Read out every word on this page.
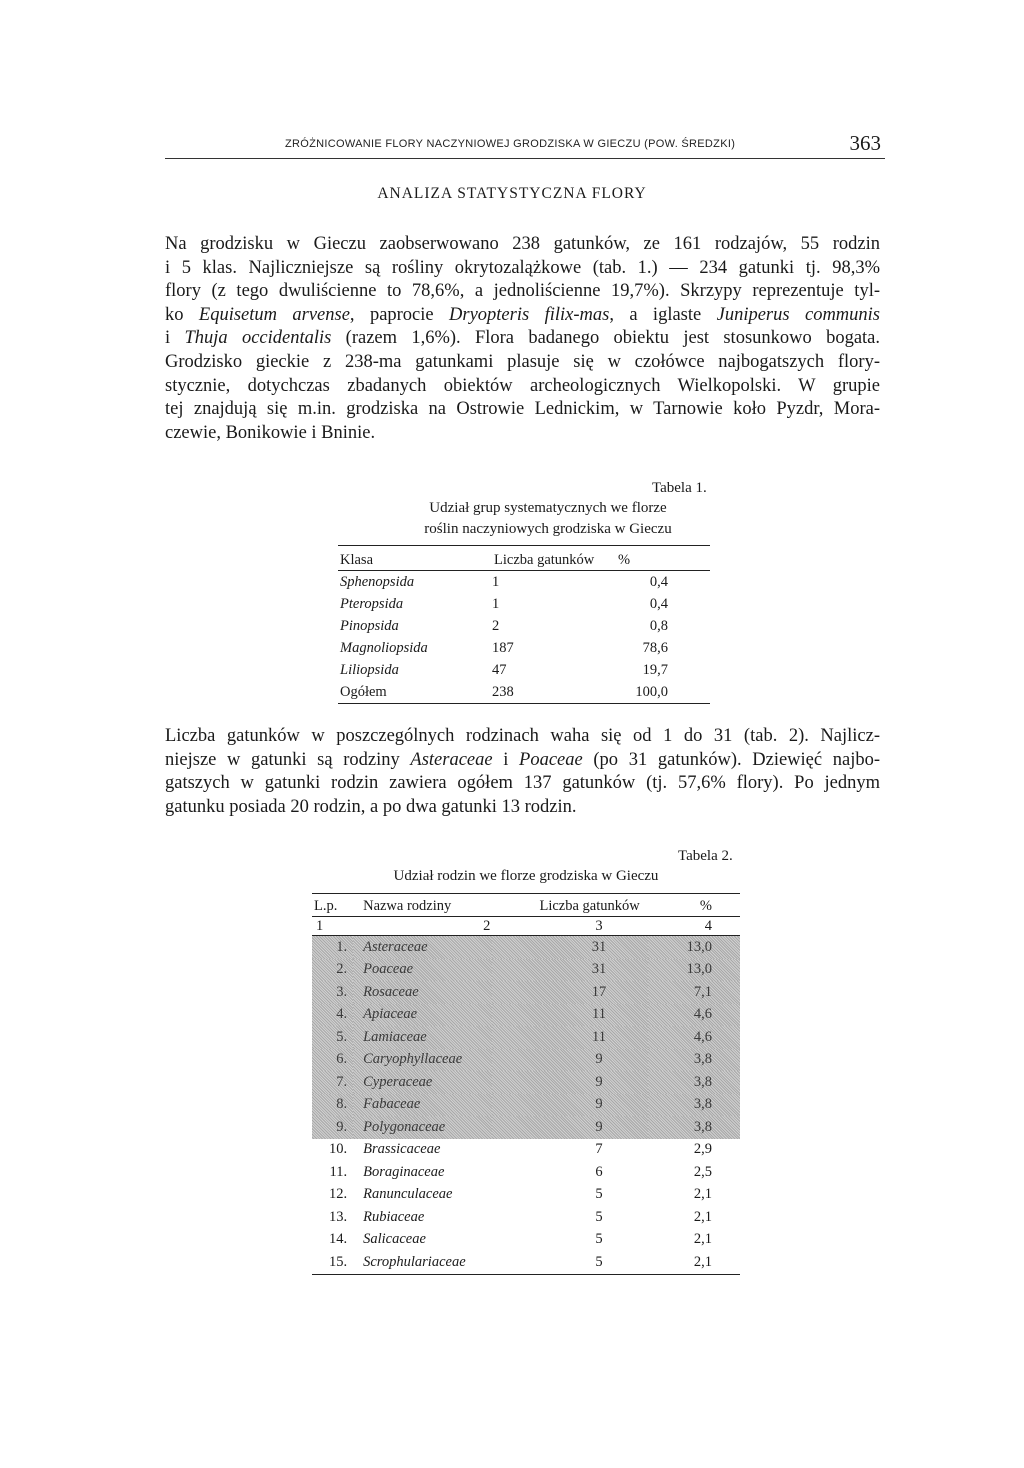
ZRÓŻNICOWANIE FLORY NACZYNIOWEJ GRODZISKA W GIECZU (POW. ŚREDZKI)	363
ANALIZA STATYSTYCZNA FLORY
Na grodzisku w Gieczu zaobserwowano 238 gatunków, ze 161 rodzajów, 55 rodzin
i 5 klas. Najliczniejsze są rośliny okrytozalążkowe (tab. 1.) — 234 gatunki tj. 98,3%
flory (z tego dwuliścienne to 78,6%, a jednoliścienne 19,7%). Skrzypy reprezentuje tyl-
ko Equisetum arvense, paprocie Dryopteris filix-mas, a iglaste Juniperus communis
i Thuja occidentalis (razem 1,6%). Flora badanego obiektu jest stosunkowo bogata.
Grodzisko gieckie z 238-ma gatunkami plasuje się w czołówce najbogatszych flory-
stycznie, dotychczas zbadanych obiektów archeologicznych Wielkopolski. W grupie
tej znajdują się m.in. grodziska na Ostrowie Lednickim, w Tarnowie koło Pyzdr, Mora-
czewie, Bonikowie i Bninie.
Tabela 1.
Udział grup systematycznych we florze
roślin naczyniowych grodziska w Gieczu
Klasa	Liczba gatunków	%
Sphenopsida	1	0,4
Pteropsida	1	0,4
Pinopsida	2	0,8
Magnoliopsida	187	78,6
Liliopsida	47	19,7
Ogółem	238	100,0
Liczba gatunków w poszczególnych rodzinach waha się od 1 do 31 (tab. 2). Najlicz-
niejsze w gatunki są rodziny Asteraceae i Poaceae (po 31 gatunków). Dziewięć najbo-
gatszych w gatunki rodzin zawiera ogółem 137 gatunków (tj. 57,6% flory). Po jednym
gatunku posiada 20 rodzin, a po dwa gatunki 13 rodzin.
Tabela 2.
Udział rodzin we florze grodziska w Gieczu
L.p.	Nazwa rodziny	Liczba gatunków	%
1	2	3	4
1.	Asteraceae	31	13,0
2.	Poaceae	31	13,0
3.	Rosaceae	17	7,1
4.	Apiaceae	11	4,6
5.	Lamiaceae	11	4,6
6.	Caryophyllaceae	9	3,8
7.	Cyperaceae	9	3,8
8.	Fabaceae	9	3,8
9.	Polygonaceae	9	3,8
10.	Brassicaceae	7	2,9
11.	Boraginaceae	6	2,5
12.	Ranunculaceae	5	2,1
13.	Rubiaceae	5	2,1
14.	Salicaceae	5	2,1
15.	Scrophulariaceae	5	2,1
